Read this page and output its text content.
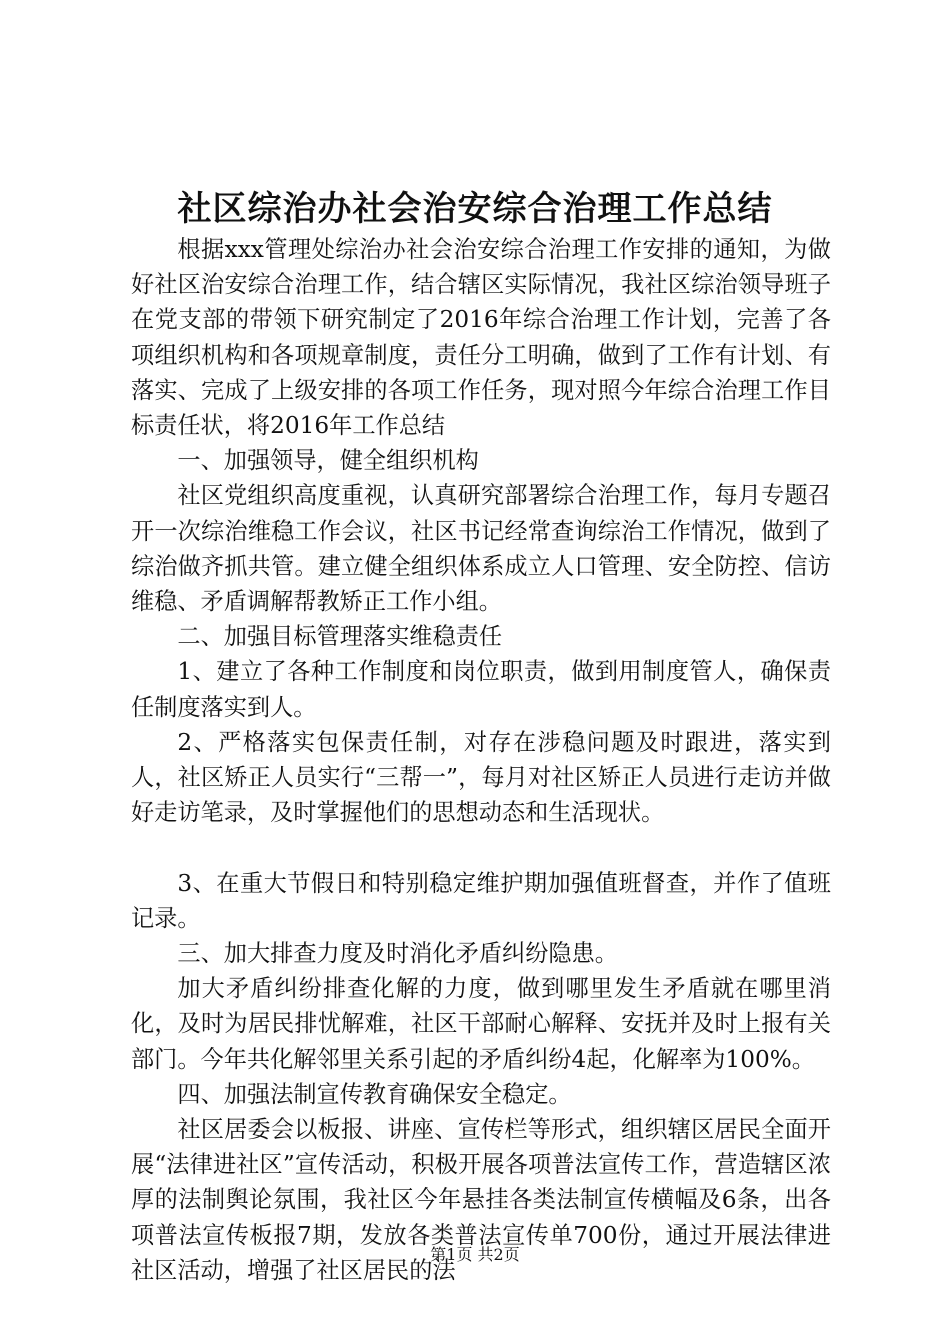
社区综治办社会治安综合治理工作总结

根据xxx管理处综治办社会治安综合治理工作安排的通知，为做好社区治安综合治理工作，结合辖区实际情况，我社区综治领导班子在党支部的带领下研究制定了2016年综合治理工作计划，完善了各项组织机构和各项规章制度，责任分工明确，做到了工作有计划、有落实、完成了上级安排的各项工作任务，现对照今年综合治理工作目标责任状，将2016年工作总结

一、加强领导，健全组织机构

社区党组织高度重视，认真研究部署综合治理工作，每月专题召开一次综治维稳工作会议，社区书记经常查询综治工作情况，做到了综治做齐抓共管。建立健全组织体系成立人口管理、安全防控、信访维稳、矛盾调解帮教矫正工作小组。

二、加强目标管理落实维稳责任

1、建立了各种工作制度和岗位职责，做到用制度管人，确保责任制度落实到人。

2、严格落实包保责任制，对存在涉稳问题及时跟进，落实到人，社区矫正人员实行“三帮一”，每月对社区矫正人员进行走访并做好走访笔录，及时掌握他们的思想动态和生活现状。

3、在重大节假日和特别稳定维护期加强值班督查，并作了值班记录。

三、加大排查力度及时消化矛盾纠纷隐患。

加大矛盾纠纷排查化解的力度，做到哪里发生矛盾就在哪里消化，及时为居民排忧解难，社区干部耐心解释、安抚并及时上报有关部门。今年共化解邻里关系引起的矛盾纠纷4起，化解率为100%。

四、加强法制宣传教育确保安全稳定。

社区居委会以板报、讲座、宣传栏等形式，组织辖区居民全面开展“法律进社区”宣传活动，积极开展各项普法宣传工作，营造辖区浓厚的法制舆论氛围，我社区今年悬挂各类法制宣传横幅及6条，出各项普法宣传板报7期，发放各类普法宣传单700份，通过开展法律进社区活动，增强了社区居民的法

第1页 共2页
